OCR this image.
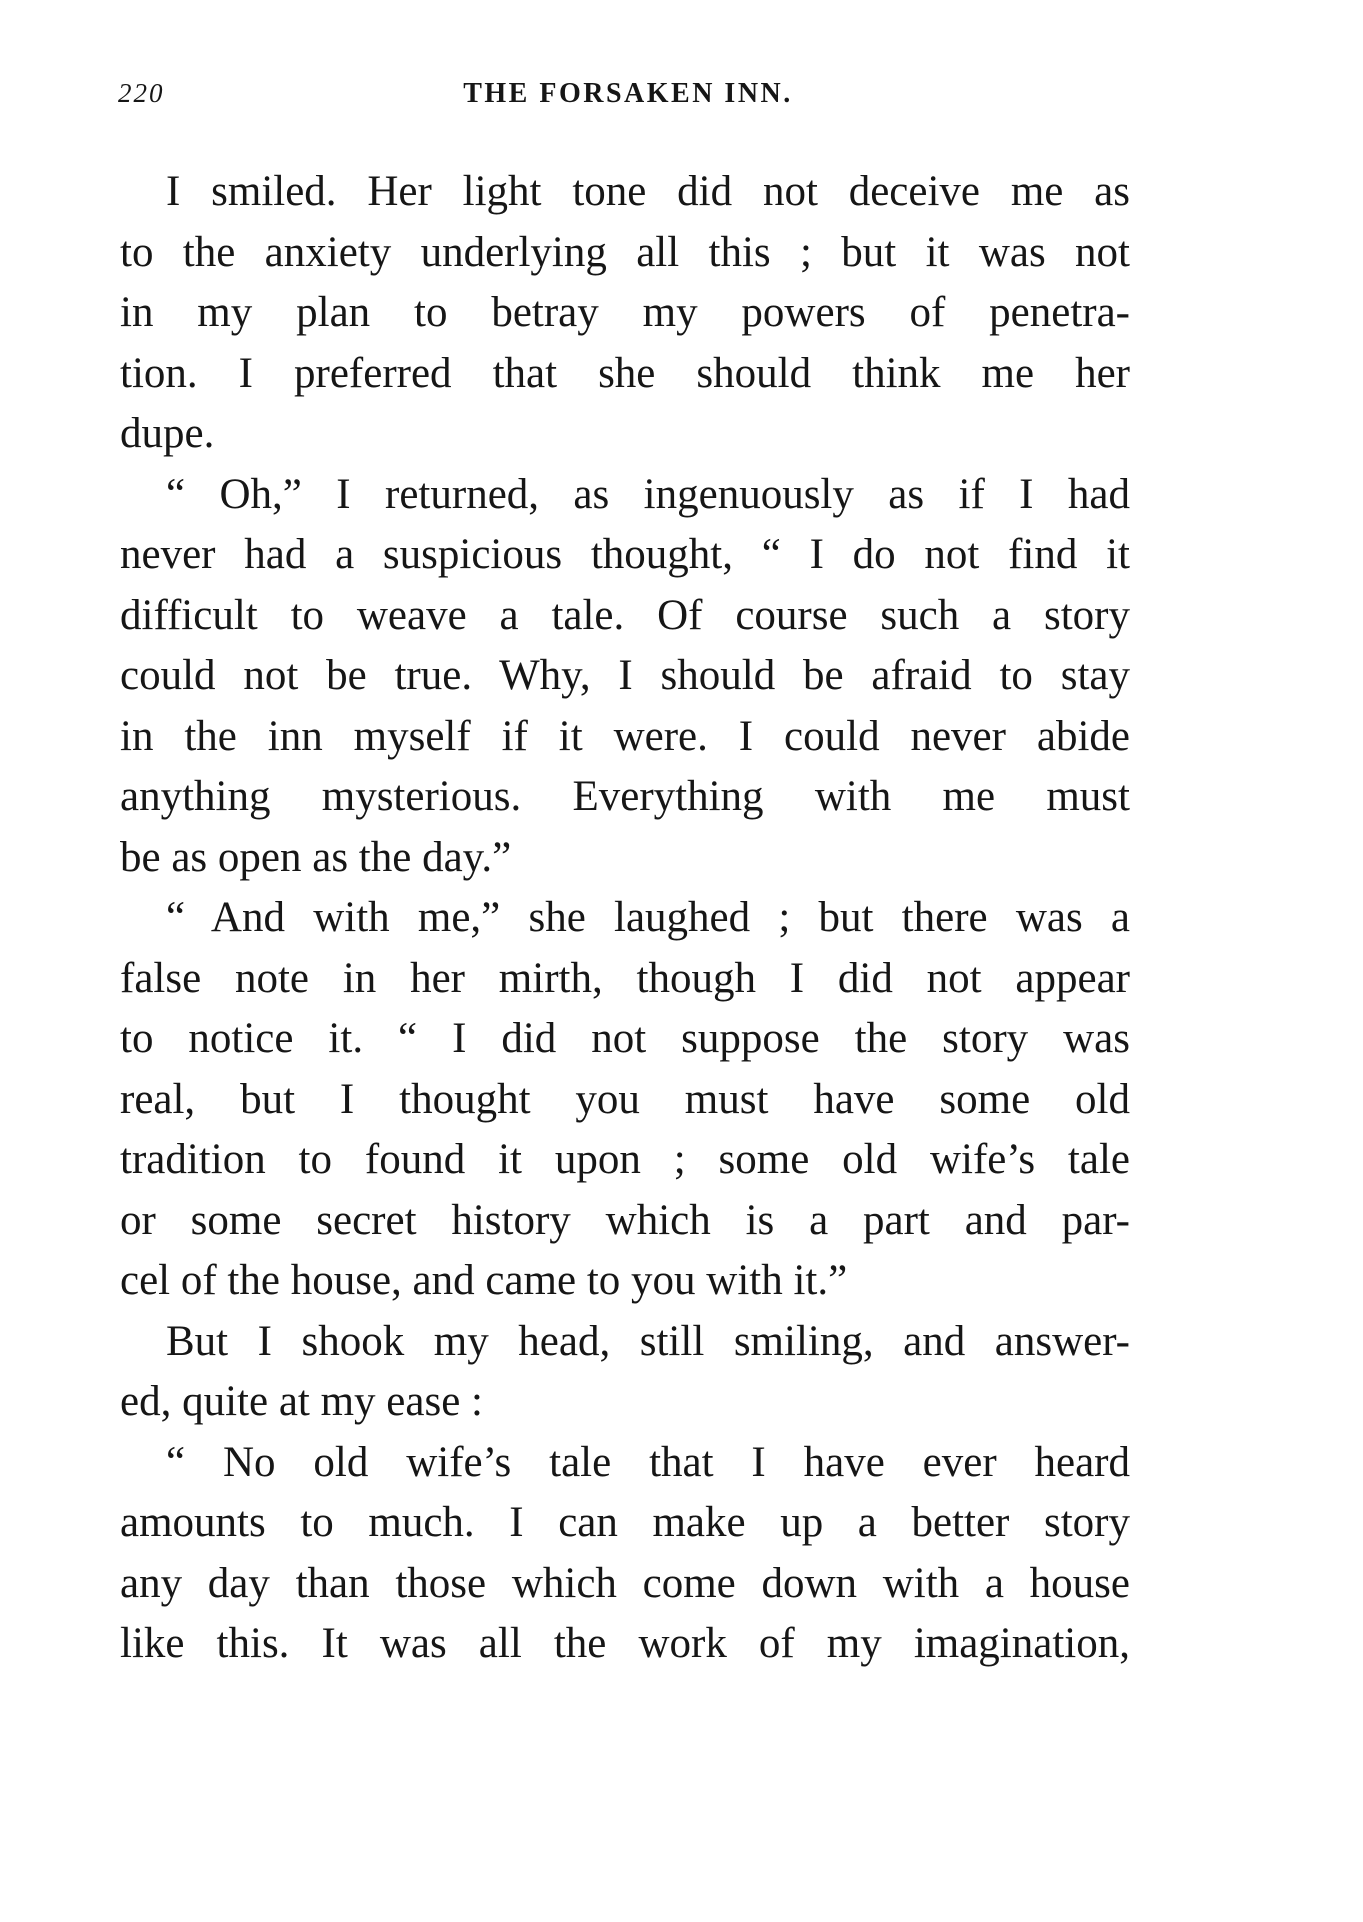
220	THE FORSAKEN INN.
I smiled. Her light tone did not deceive me as
to the anxiety underlying all this ; but it was not
in my plan to betray my powers of penetra-
tion. I preferred that she should think me her
dupe.
“ Oh,” I returned, as ingenuously as if I had
never had a suspicious thought, “ I do not find it
difficult to weave a tale. Of course such a story
could not be true. Why, I should be afraid to stay
in the inn myself if it were. I could never abide
anything mysterious. Everything with me must
be as open as the day.”
“ And with me,” she laughed ; but there was a
false note in her mirth, though I did not appear
to notice it. “ I did not suppose the story was
real, but I thought you must have some old
tradition to found it upon ; some old wife’s tale
or some secret history which is a part and par-
cel of the house, and came to you with it.”
But I shook my head, still smiling, and answer-
ed, quite at my ease :
“ No old wife’s tale that I have ever heard
amounts to much. I can make up a better story
any day than those which come down with a house
like this. It was all the work of my imagination,
